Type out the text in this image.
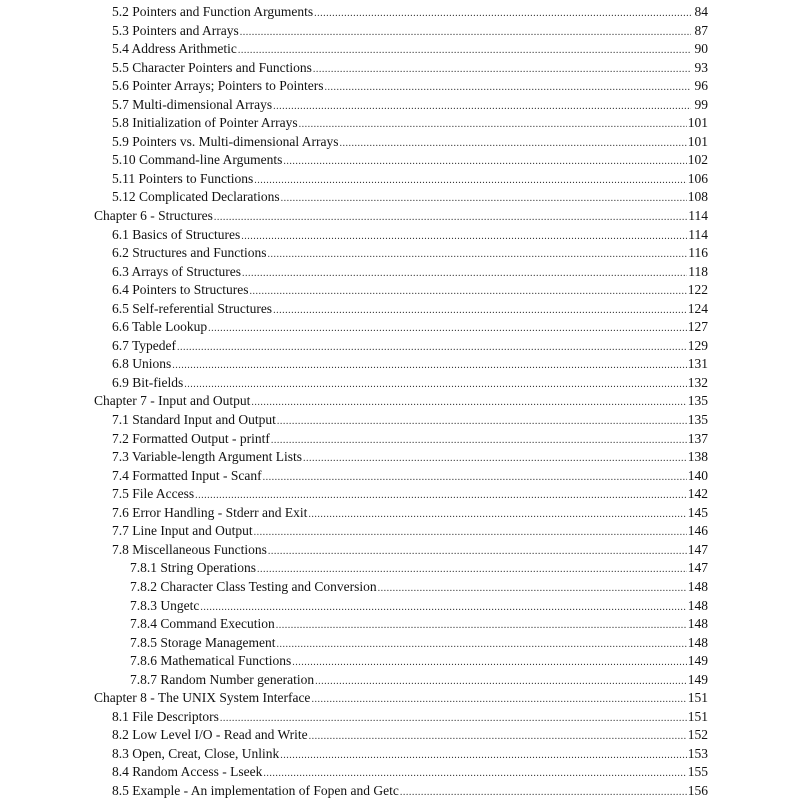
5.2 Pointers and Function Arguments .....	84
5.3 Pointers and Arrays .....	87
5.4 Address Arithmetic .....	90
5.5 Character Pointers and Functions .....	93
5.6 Pointer Arrays; Pointers to Pointers .....	96
5.7 Multi-dimensional Arrays .....	99
5.8 Initialization of Pointer Arrays .....	101
5.9 Pointers vs. Multi-dimensional Arrays .....	101
5.10 Command-line Arguments .....	102
5.11 Pointers to Functions .....	106
5.12 Complicated Declarations .....	108
Chapter 6 - Structures .....	114
6.1 Basics of Structures .....	114
6.2 Structures and Functions .....	116
6.3 Arrays of Structures .....	118
6.4 Pointers to Structures .....	122
6.5 Self-referential Structures .....	124
6.6 Table Lookup .....	127
6.7 Typedef .....	129
6.8 Unions .....	131
6.9 Bit-fields .....	132
Chapter 7 - Input and Output .....	135
7.1 Standard Input and Output .....	135
7.2 Formatted Output - printf .....	137
7.3 Variable-length Argument Lists .....	138
7.4 Formatted Input - Scanf .....	140
7.5 File Access .....	142
7.6 Error Handling - Stderr and Exit .....	145
7.7 Line Input and Output .....	146
7.8 Miscellaneous Functions .....	147
7.8.1 String Operations .....	147
7.8.2 Character Class Testing and Conversion .....	148
7.8.3 Ungetc .....	148
7.8.4 Command Execution .....	148
7.8.5 Storage Management .....	148
7.8.6 Mathematical Functions .....	149
7.8.7 Random Number generation .....	149
Chapter 8 - The UNIX System Interface .....	151
8.1 File Descriptors .....	151
8.2 Low Level I/O - Read and Write .....	152
8.3 Open, Creat, Close, Unlink .....	153
8.4 Random Access - Lseek .....	155
8.5 Example - An implementation of Fopen and Getc .....	156
